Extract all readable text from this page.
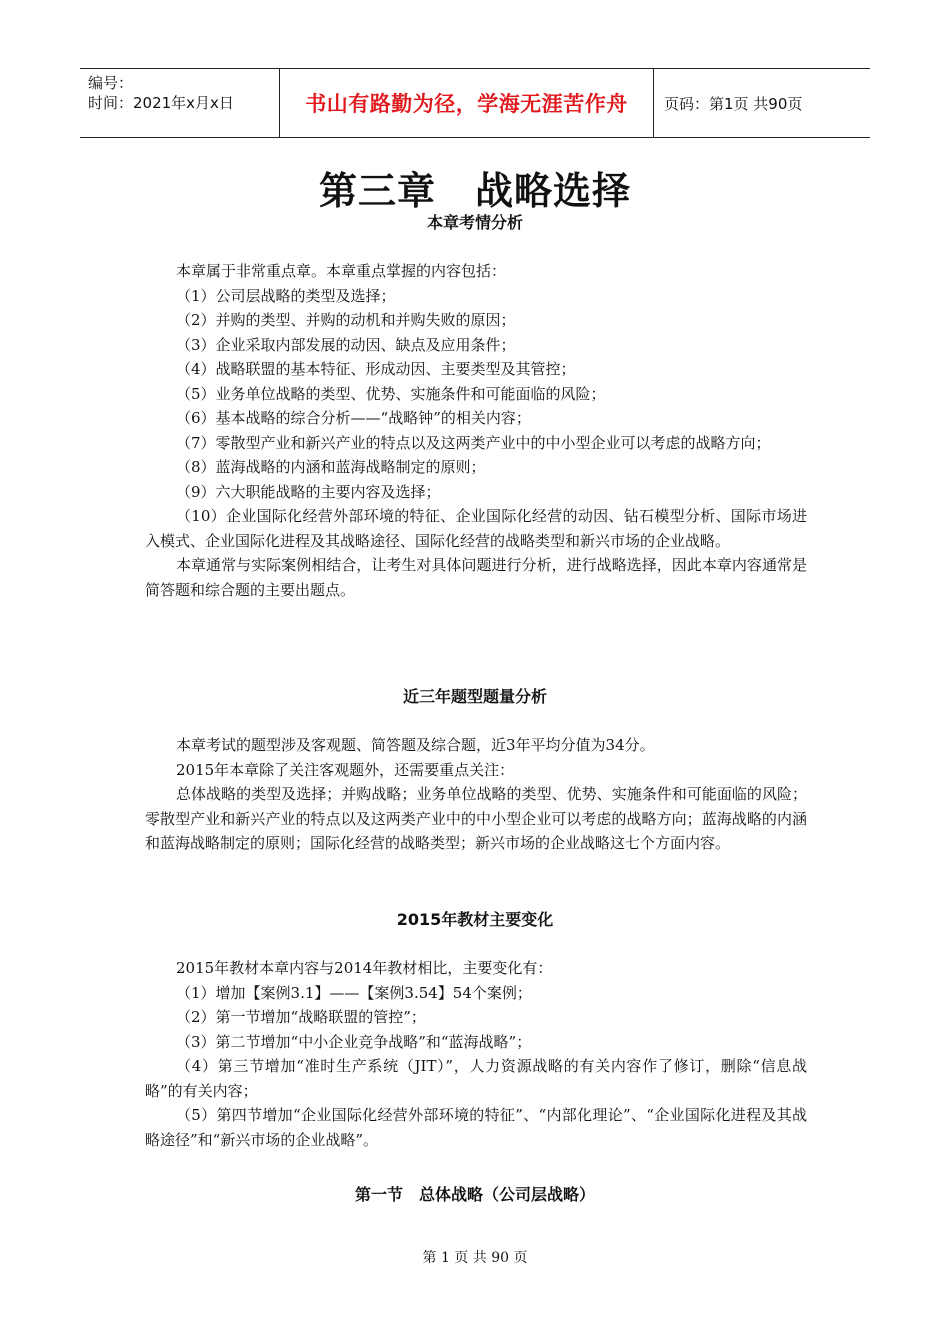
编号：
时间：2021年x月x日	书山有路勤为径，学海无涯苦作舟	页码：第1页 共90页
第三章　战略选择
本章考情分析

本章属于非常重点章。本章重点掌握的内容包括：

（1）公司层战略的类型及选择；

（2）并购的类型、并购的动机和并购失败的原因；

（3）企业采取内部发展的动因、缺点及应用条件；

（4）战略联盟的基本特征、形成动因、主要类型及其管控；

（5）业务单位战略的类型、优势、实施条件和可能面临的风险；

（6）基本战略的综合分析——“战略钟”的相关内容；

（7）零散型产业和新兴产业的特点以及这两类产业中的中小型企业可以考虑的战略方向；

（8）蓝海战略的内涵和蓝海战略制定的原则；

（9）六大职能战略的主要内容及选择；

（10）企业国际化经营外部环境的特征、企业国际化经营的动因、钻石模型分析、国际市场进入模式、企业国际化进程及其战略途径、国际化经营的战略类型和新兴市场的企业战略。

本章通常与实际案例相结合，让考生对具体问题进行分析，进行战略选择，因此本章内容通常是简答题和综合题的主要出题点。

近三年题型题量分析

本章考试的题型涉及客观题、简答题及综合题，近3年平均分值为34分。

2015年本章除了关注客观题外，还需要重点关注：

总体战略的类型及选择；并购战略；业务单位战略的类型、优势、实施条件和可能面临的风险；零散型产业和新兴产业的特点以及这两类产业中的中小型企业可以考虑的战略方向；蓝海战略的内涵和蓝海战略制定的原则；国际化经营的战略类型；新兴市场的企业战略这七个方面内容。

2015年教材主要变化

2015年教材本章内容与2014年教材相比，主要变化有：

（1）增加【案例3.1】——【案例3.54】54个案例；

（2）第一节增加“战略联盟的管控”；

（3）第二节增加“中小企业竞争战略”和“蓝海战略”；

（4）第三节增加“准时生产系统（JIT）”，人力资源战略的有关内容作了修订，删除“信息战略”的有关内容；

（5）第四节增加“企业国际化经营外部环境的特征”、“内部化理论”、“企业国际化进程及其战略途径”和“新兴市场的企业战略”。

第一节　总体战略（公司层战略）
第 1 页 共 90 页
